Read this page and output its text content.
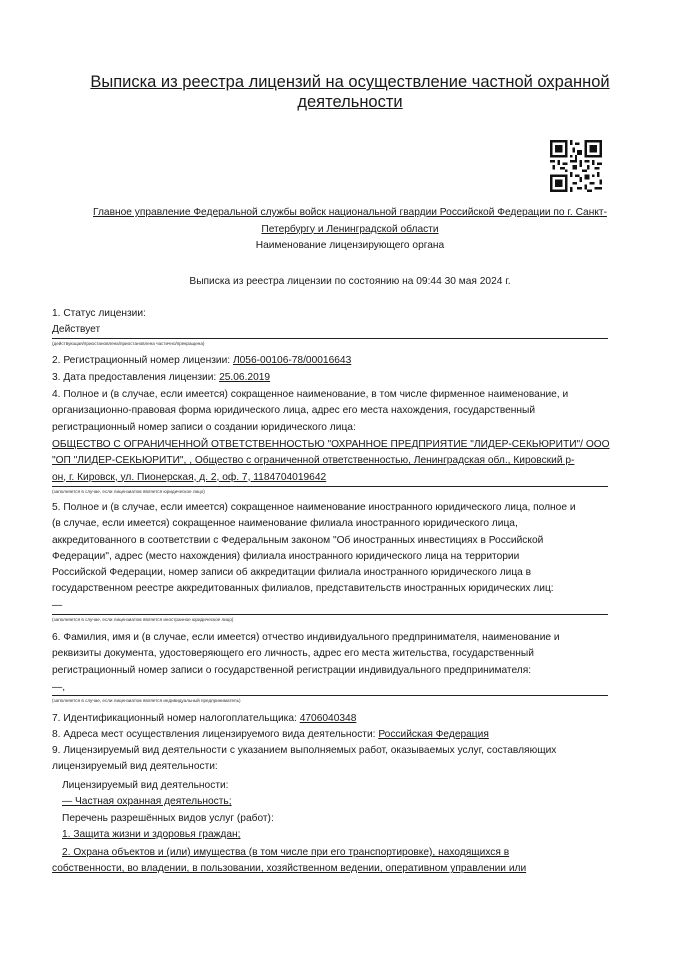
Выписка из реестра лицензий на осуществление частной охранной
деятельности
Главное управление Федеральной службы войск национальной гвардии Российской Федерации по г. Санкт-
Петербургу и Ленинградской области
Наименование лицензирующего органа
Выписка из реестра лицензии по состоянию на 09:44 30 мая 2024 г.
1. Статус лицензии:
Действует
(действующая/приостановлена/приостановлена частично/прекращена)
2. Регистрационный номер лицензии: Л056-00106-78/00016643
3. Дата предоставления лицензии: 25.06.2019
4. Полное и (в случае, если имеется) сокращенное наименование, в том числе фирменное наименование, и
организационно-правовая форма юридического лица, адрес его места нахождения, государственный
регистрационный номер записи о создании юридического лица:
ОБЩЕСТВО С ОГРАНИЧЕННОЙ ОТВЕТСТВЕННОСТЬЮ "ОХРАННОЕ ПРЕДПРИЯТИЕ "ЛИДЕР-СЕКЬЮРИТИ"/ ООО
"ОП "ЛИДЕР-СЕКЬЮРИТИ", , Общество с ограниченной ответственностью, Ленинградская обл., Кировский р-
он, г. Кировск, ул. Пионерская, д. 2, оф. 7, 1184704019642
(заполняется в случае, если лицензиатом является юридическое лицо)
5. Полное и (в случае, если имеется) сокращенное наименование иностранного юридического лица, полное и
(в случае, если имеется) сокращенное наименование филиала иностранного юридического лица,
аккредитованного в соответствии с Федеральным законом "Об иностранных инвестициях в Российской
Федерации", адрес (место нахождения) филиала иностранного юридического лица на территории
Российской Федерации, номер записи об аккредитации филиала иностранного юридического лица в
государственном реестре аккредитованных филиалов, представительств иностранных юридических лиц:
—
(заполняется в случае, если лицензиатом является иностранное юридическое лицо)
6. Фамилия, имя и (в случае, если имеется) отчество индивидуального предпринимателя, наименование и
реквизиты документа, удостоверяющего его личность, адрес его места жительства, государственный
регистрационный номер записи о государственной регистрации индивидуального предпринимателя:
—,
(заполняется в случае, если лицензиатом является индивидуальный предприниматель)
7. Идентификационный номер налогоплательщика: 4706040348
8. Адреса мест осуществления лицензируемого вида деятельности: Российская Федерация
9. Лицензируемый вид деятельности с указанием выполняемых работ, оказываемых услуг, составляющих
лицензируемый вид деятельности:
Лицензируемый вид деятельности:
— Частная охранная деятельность;
Перечень разрешённых видов услуг (работ):
1. Защита жизни и здоровья граждан;
2. Охрана объектов и (или) имущества (в том числе при его транспортировке), находящихся в
собственности, во владении, в пользовании, хозяйственном ведении, оперативном управлении или
